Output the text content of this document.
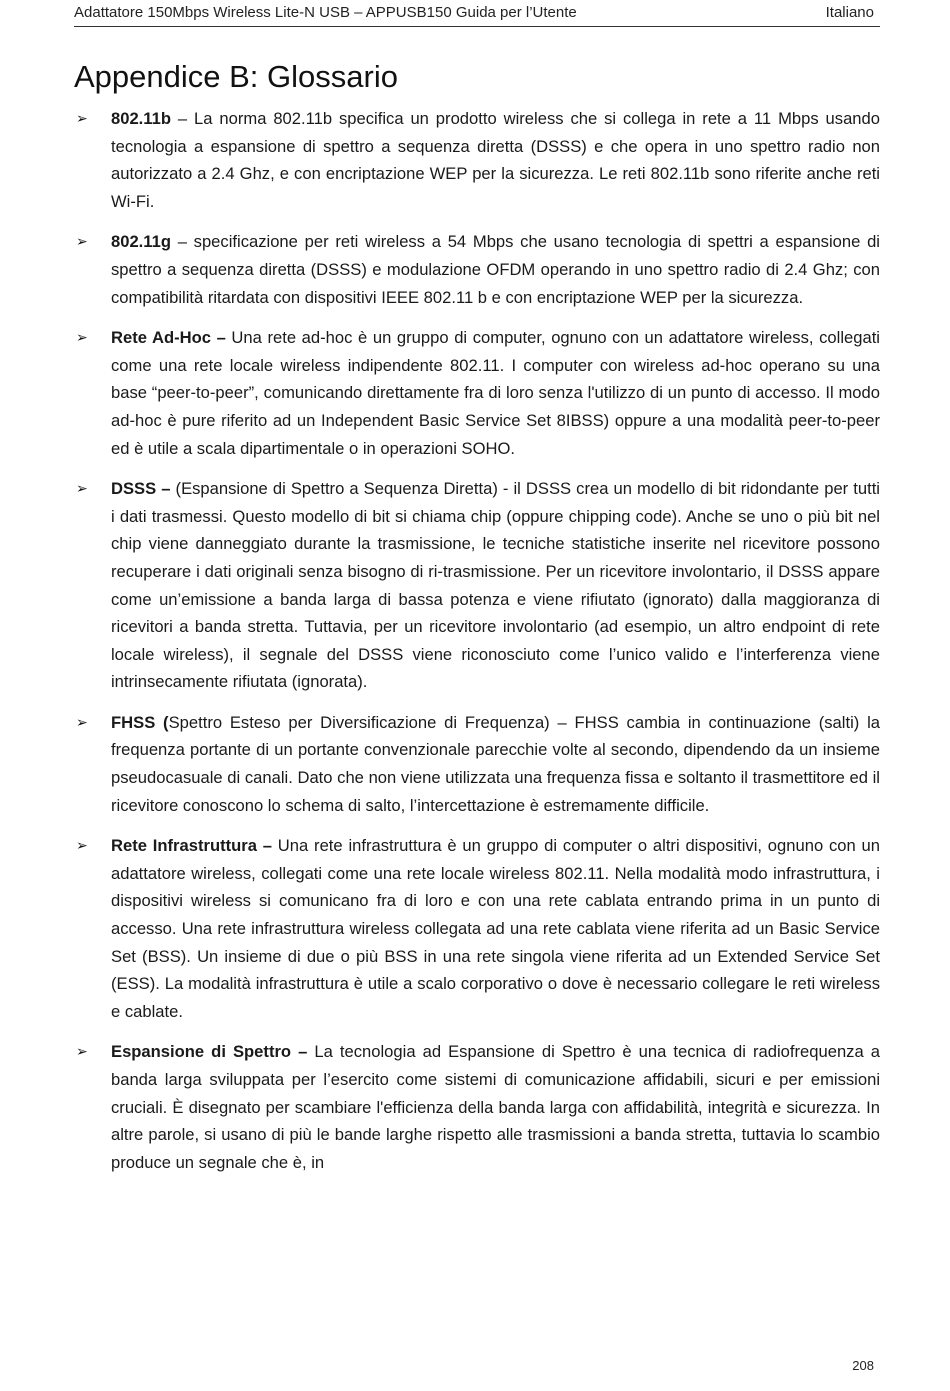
Adattatore 150Mbps Wireless Lite-N USB – APPUSB150 Guida per l’Utente	Italiano
Appendice B: Glossario
➢ 802.11b – La norma 802.11b specifica un prodotto wireless che si collega in rete a 11 Mbps usando tecnologia a espansione di spettro a sequenza diretta (DSSS) e che opera in uno spettro radio non autorizzato a 2.4 Ghz, e con encriptazione WEP per la sicurezza. Le reti 802.11b sono riferite anche reti Wi-Fi.
➢ 802.11g – specificazione per reti wireless a 54 Mbps che usano tecnologia di spettri a espansione di spettro a sequenza diretta (DSSS) e modulazione OFDM operando in uno spettro radio di 2.4 Ghz; con compatibilità ritardata con dispositivi IEEE 802.11 b e con encriptazione WEP per la sicurezza.
➢ Rete Ad-Hoc – Una rete ad-hoc è un gruppo di computer, ognuno con un adattatore wireless, collegati come una rete locale wireless indipendente 802.11. I computer con wireless ad-hoc operano su una base “peer-to-peer”, comunicando direttamente fra di loro senza l'utilizzo di un punto di accesso. Il modo ad-hoc è pure riferito ad un Independent Basic Service Set 8IBSS) oppure a una modalità peer-to-peer ed è utile a scala dipartimentale o in operazioni SOHO.
➢ DSSS – (Espansione di Spettro a Sequenza Diretta) - il DSSS crea un modello di bit ridondante per tutti i dati trasmessi. Questo modello di bit si chiama chip (oppure chipping code). Anche se uno o più bit nel chip viene danneggiato durante la trasmissione, le tecniche statistiche inserite nel ricevitore possono recuperare i dati originali senza bisogno di ri-trasmissione. Per un ricevitore involontario, il DSSS appare come un’emissione a banda larga di bassa potenza e viene rifiutato (ignorato) dalla maggioranza di ricevitori a banda stretta. Tuttavia, per un ricevitore involontario (ad esempio, un altro endpoint di rete locale wireless), il segnale del DSSS viene riconosciuto come l’unico valido e l’interferenza viene intrinsecamente rifiutata (ignorata).
➢ FHSS (Spettro Esteso per Diversificazione di Frequenza) – FHSS cambia in continuazione (salti) la frequenza portante di un portante convenzionale parecchie volte al secondo, dipendendo da un insieme pseudocasuale di canali. Dato che non viene utilizzata una frequenza fissa e soltanto il trasmettitore ed il ricevitore conoscono lo schema di salto, l’intercettazione è estremamente difficile.
➢ Rete Infrastruttura – Una rete infrastruttura è un gruppo di computer o altri dispositivi, ognuno con un adattatore wireless, collegati come una rete locale wireless 802.11. Nella modalità modo infrastruttura, i dispositivi wireless si comunicano fra di loro e con una rete cablata entrando prima in un punto di accesso. Una rete infrastruttura wireless collegata ad una rete cablata viene riferita ad un Basic Service Set (BSS). Un insieme di due o più BSS in una rete singola viene riferita ad un Extended Service Set (ESS). La modalità infrastruttura è utile a scalo corporativo o dove è necessario collegare le reti wireless e cablate.
➢ Espansione di Spettro – La tecnologia ad Espansione di Spettro è una tecnica di radiofrequenza a banda larga sviluppata per l’esercito come sistemi di comunicazione affidabili, sicuri e per emissioni cruciali. È disegnato per scambiare l'efficienza della banda larga con affidabilità, integrità e sicurezza. In altre parole, si usano di più le bande larghe rispetto alle trasmissioni a banda stretta, tuttavia lo scambio produce un segnale che è, in
208
